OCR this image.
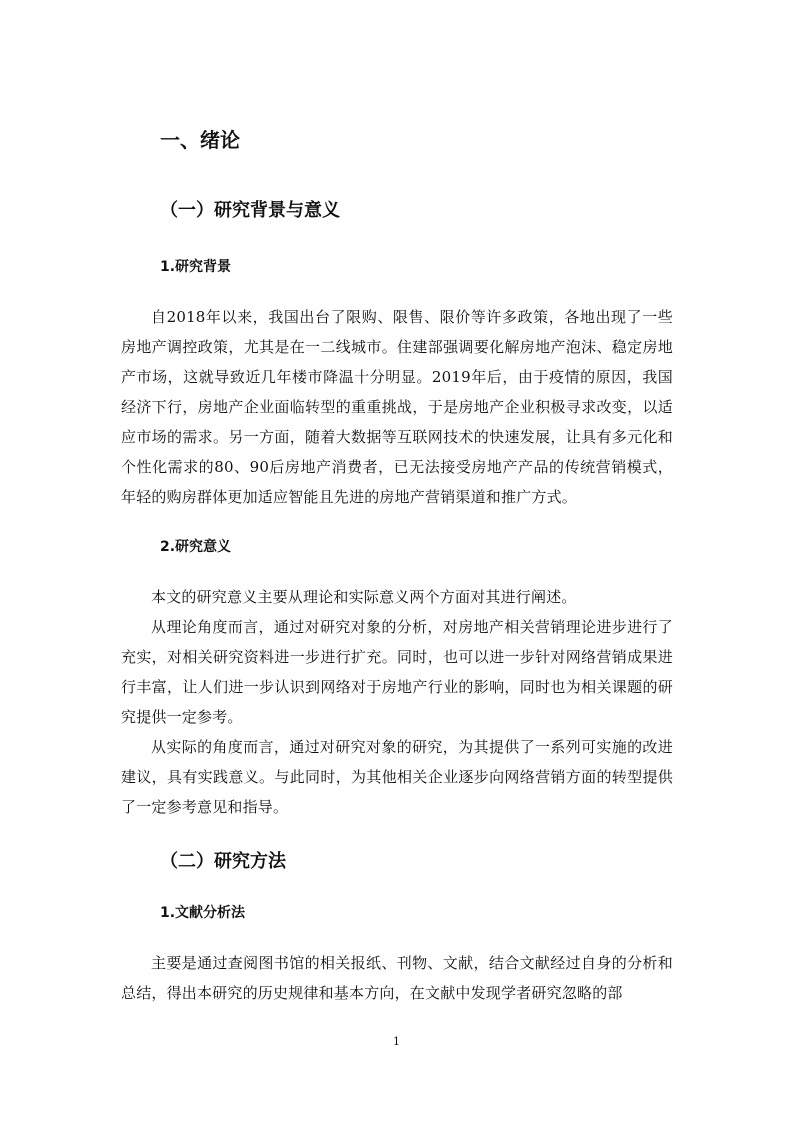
一、绪论
（一）研究背景与意义
1.研究背景

自2018年以来，我国出台了限购、限售、限价等许多政策，各地出现了一些房地产调控政策，尤其是在一二线城市。住建部强调要化解房地产泡沫、稳定房地产市场，这就导致近几年楼市降温十分明显。2019年后，由于疫情的原因，我国经济下行，房地产企业面临转型的重重挑战，于是房地产企业积极寻求改变，以适应市场的需求。另一方面，随着大数据等互联网技术的快速发展，让具有多元化和个性化需求的80、90后房地产消费者，已无法接受房地产产品的传统营销模式，年轻的购房群体更加适应智能且先进的房地产营销渠道和推广方式。

2.研究意义

本文的研究意义主要从理论和实际意义两个方面对其进行阐述。

从理论角度而言，通过对研究对象的分析，对房地产相关营销理论进步进行了充实，对相关研究资料进一步进行扩充。同时，也可以进一步针对网络营销成果进行丰富，让人们进一步认识到网络对于房地产行业的影响，同时也为相关课题的研究提供一定参考。

从实际的角度而言，通过对研究对象的研究，为其提供了一系列可实施的改进建议，具有实践意义。与此同时，为其他相关企业逐步向网络营销方面的转型提供了一定参考意见和指导。

（二）研究方法
1.文献分析法

主要是通过查阅图书馆的相关报纸、刊物、文献，结合文献经过自身的分析和总结，得出本研究的历史规律和基本方向，在文献中发现学者研究忽略的部

1
